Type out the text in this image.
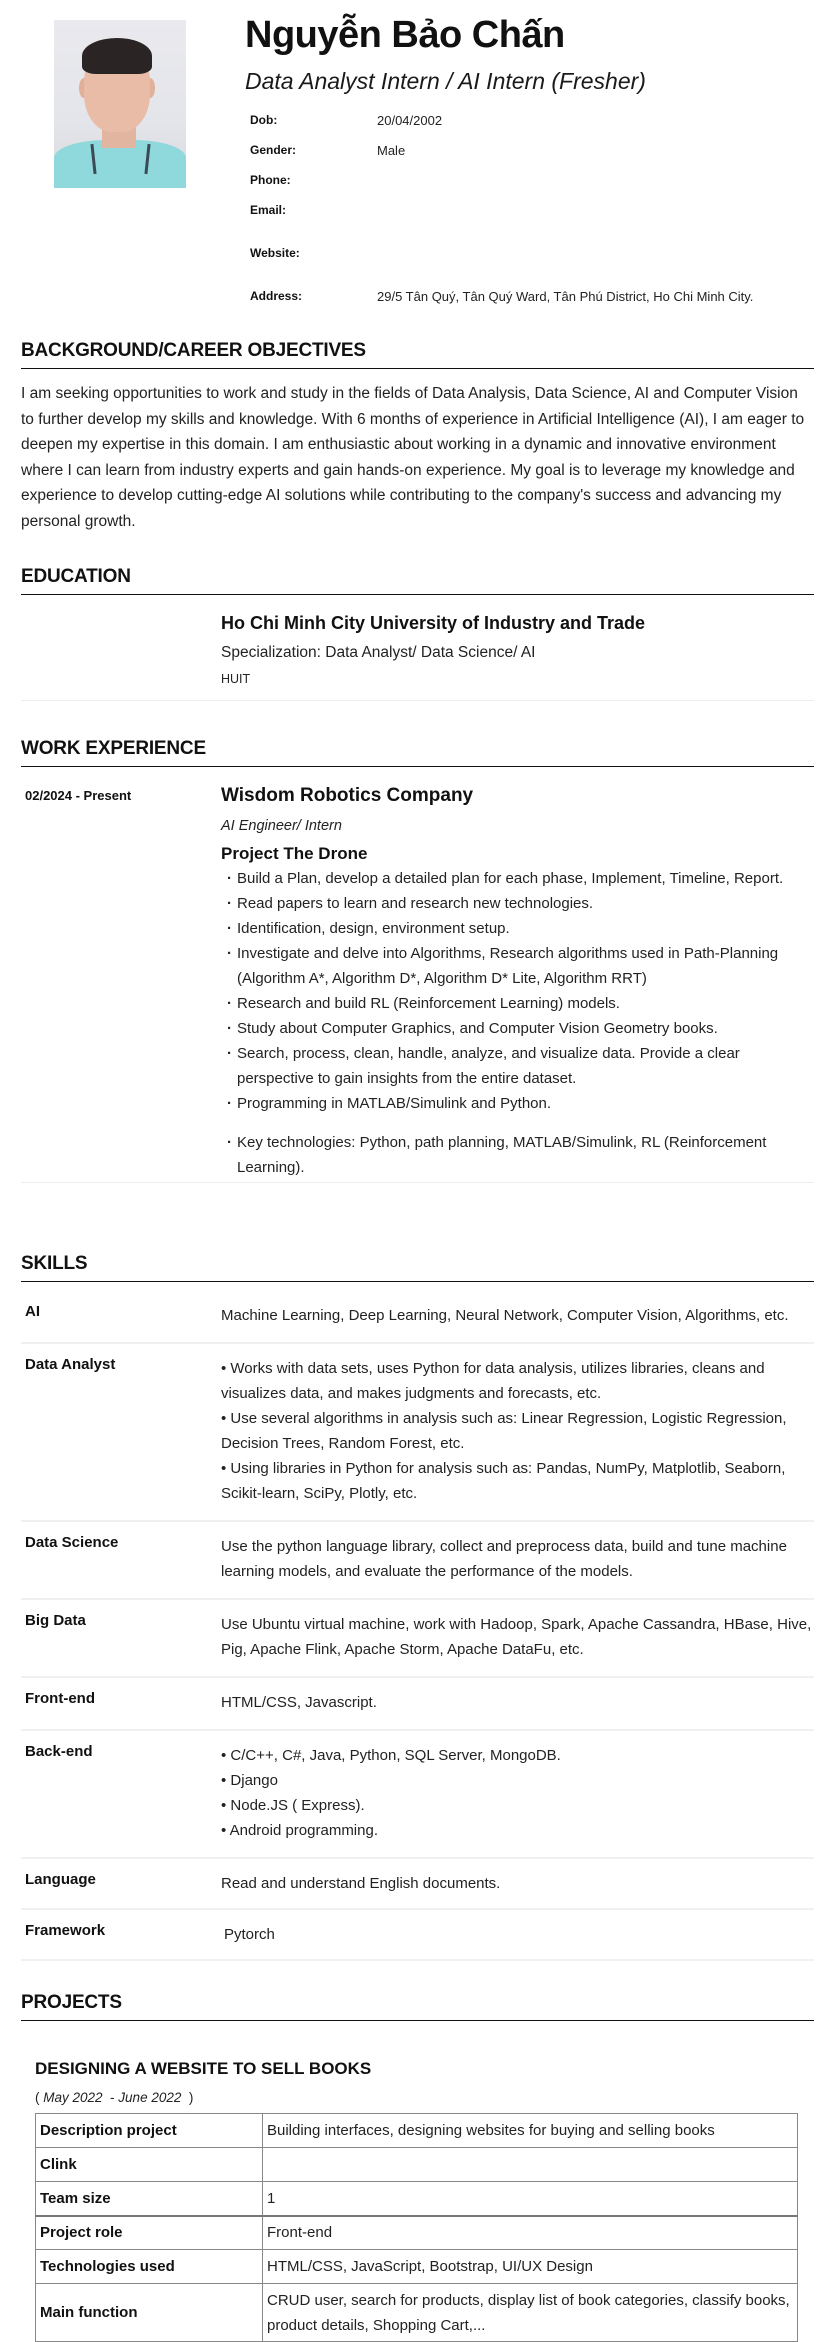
Nguyễn Bảo Chấn
Data Analyst Intern / AI Intern (Fresher)
Dob:	20/04/2002
Gender:	Male
Phone:
Email:
Website:
Address:	29/5 Tân Quý, Tân Quý Ward, Tân Phú District, Ho Chi Minh City.
BACKGROUND/CAREER OBJECTIVES

I am seeking opportunities to work and study in the fields of Data Analysis, Data Science, AI and Computer Vision to further develop my skills and knowledge. With 6 months of experience in Artificial Intelligence (AI), I am eager to deepen my expertise in this domain. I am enthusiastic about working in a dynamic and innovative environment where I can learn from industry experts and gain hands-on experience. My goal is to leverage my knowledge and experience to develop cutting-edge AI solutions while contributing to the company's success and advancing my personal growth.

EDUCATION
Ho Chi Minh City University of Industry and Trade
Specialization: Data Analyst/ Data Science/ AI
HUIT
WORK EXPERIENCE
02/2024 - Present	Wisdom Robotics Company
AI Engineer/ Intern
Project The Drone
· Build a Plan, develop a detailed plan for each phase, Implement, Timeline, Report.
· Read papers to learn and research new technologies.
· Identification, design, environment setup.
· Investigate and delve into Algorithms, Research algorithms used in Path-Planning (Algorithm A*, Algorithm D*, Algorithm D* Lite, Algorithm RRT)
· Research and build RL (Reinforcement Learning) models.
· Study about Computer Graphics, and Computer Vision Geometry books.
· Search, process, clean, handle, analyze, and visualize data. Provide a clear perspective to gain insights from the entire dataset.
· Programming in MATLAB/Simulink and Python.
· Key technologies: Python, path planning, MATLAB/Simulink, RL (Reinforcement Learning).
SKILLS
AI	Machine Learning, Deep Learning, Neural Network, Computer Vision, Algorithms, etc.
Data Analyst	• Works with data sets, uses Python for data analysis, utilizes libraries, cleans and visualizes data, and makes judgments and forecasts, etc.
• Use several algorithms in analysis such as: Linear Regression, Logistic Regression, Decision Trees, Random Forest, etc.
• Using libraries in Python for analysis such as: Pandas, NumPy, Matplotlib, Seaborn, Scikit-learn, SciPy, Plotly, etc.
Data Science	Use the python language library, collect and preprocess data, build and tune machine learning models, and evaluate the performance of the models.
Big Data	Use Ubuntu virtual machine, work with Hadoop, Spark, Apache Cassandra, HBase, Hive, Pig, Apache Flink, Apache Storm, Apache DataFu, etc.
Front-end	HTML/CSS, Javascript.
Back-end	• C/C++, C#, Java, Python, SQL Server, MongoDB.
• Django
• Node.JS ( Express).
• Android programming.
Language	Read and understand English documents.
Framework	Pytorch
PROJECTS
DESIGNING A WEBSITE TO SELL BOOKS
( May 2022  - June 2022  )
Description project	Building interfaces, designing websites for buying and selling books
Clink	
Team size	1
Project role	Front-end
Technologies used	HTML/CSS, JavaScript, Bootstrap, UI/UX Design
Main function	CRUD user, search for products, display list of book categories, classify books, product details, Shopping Cart,...
